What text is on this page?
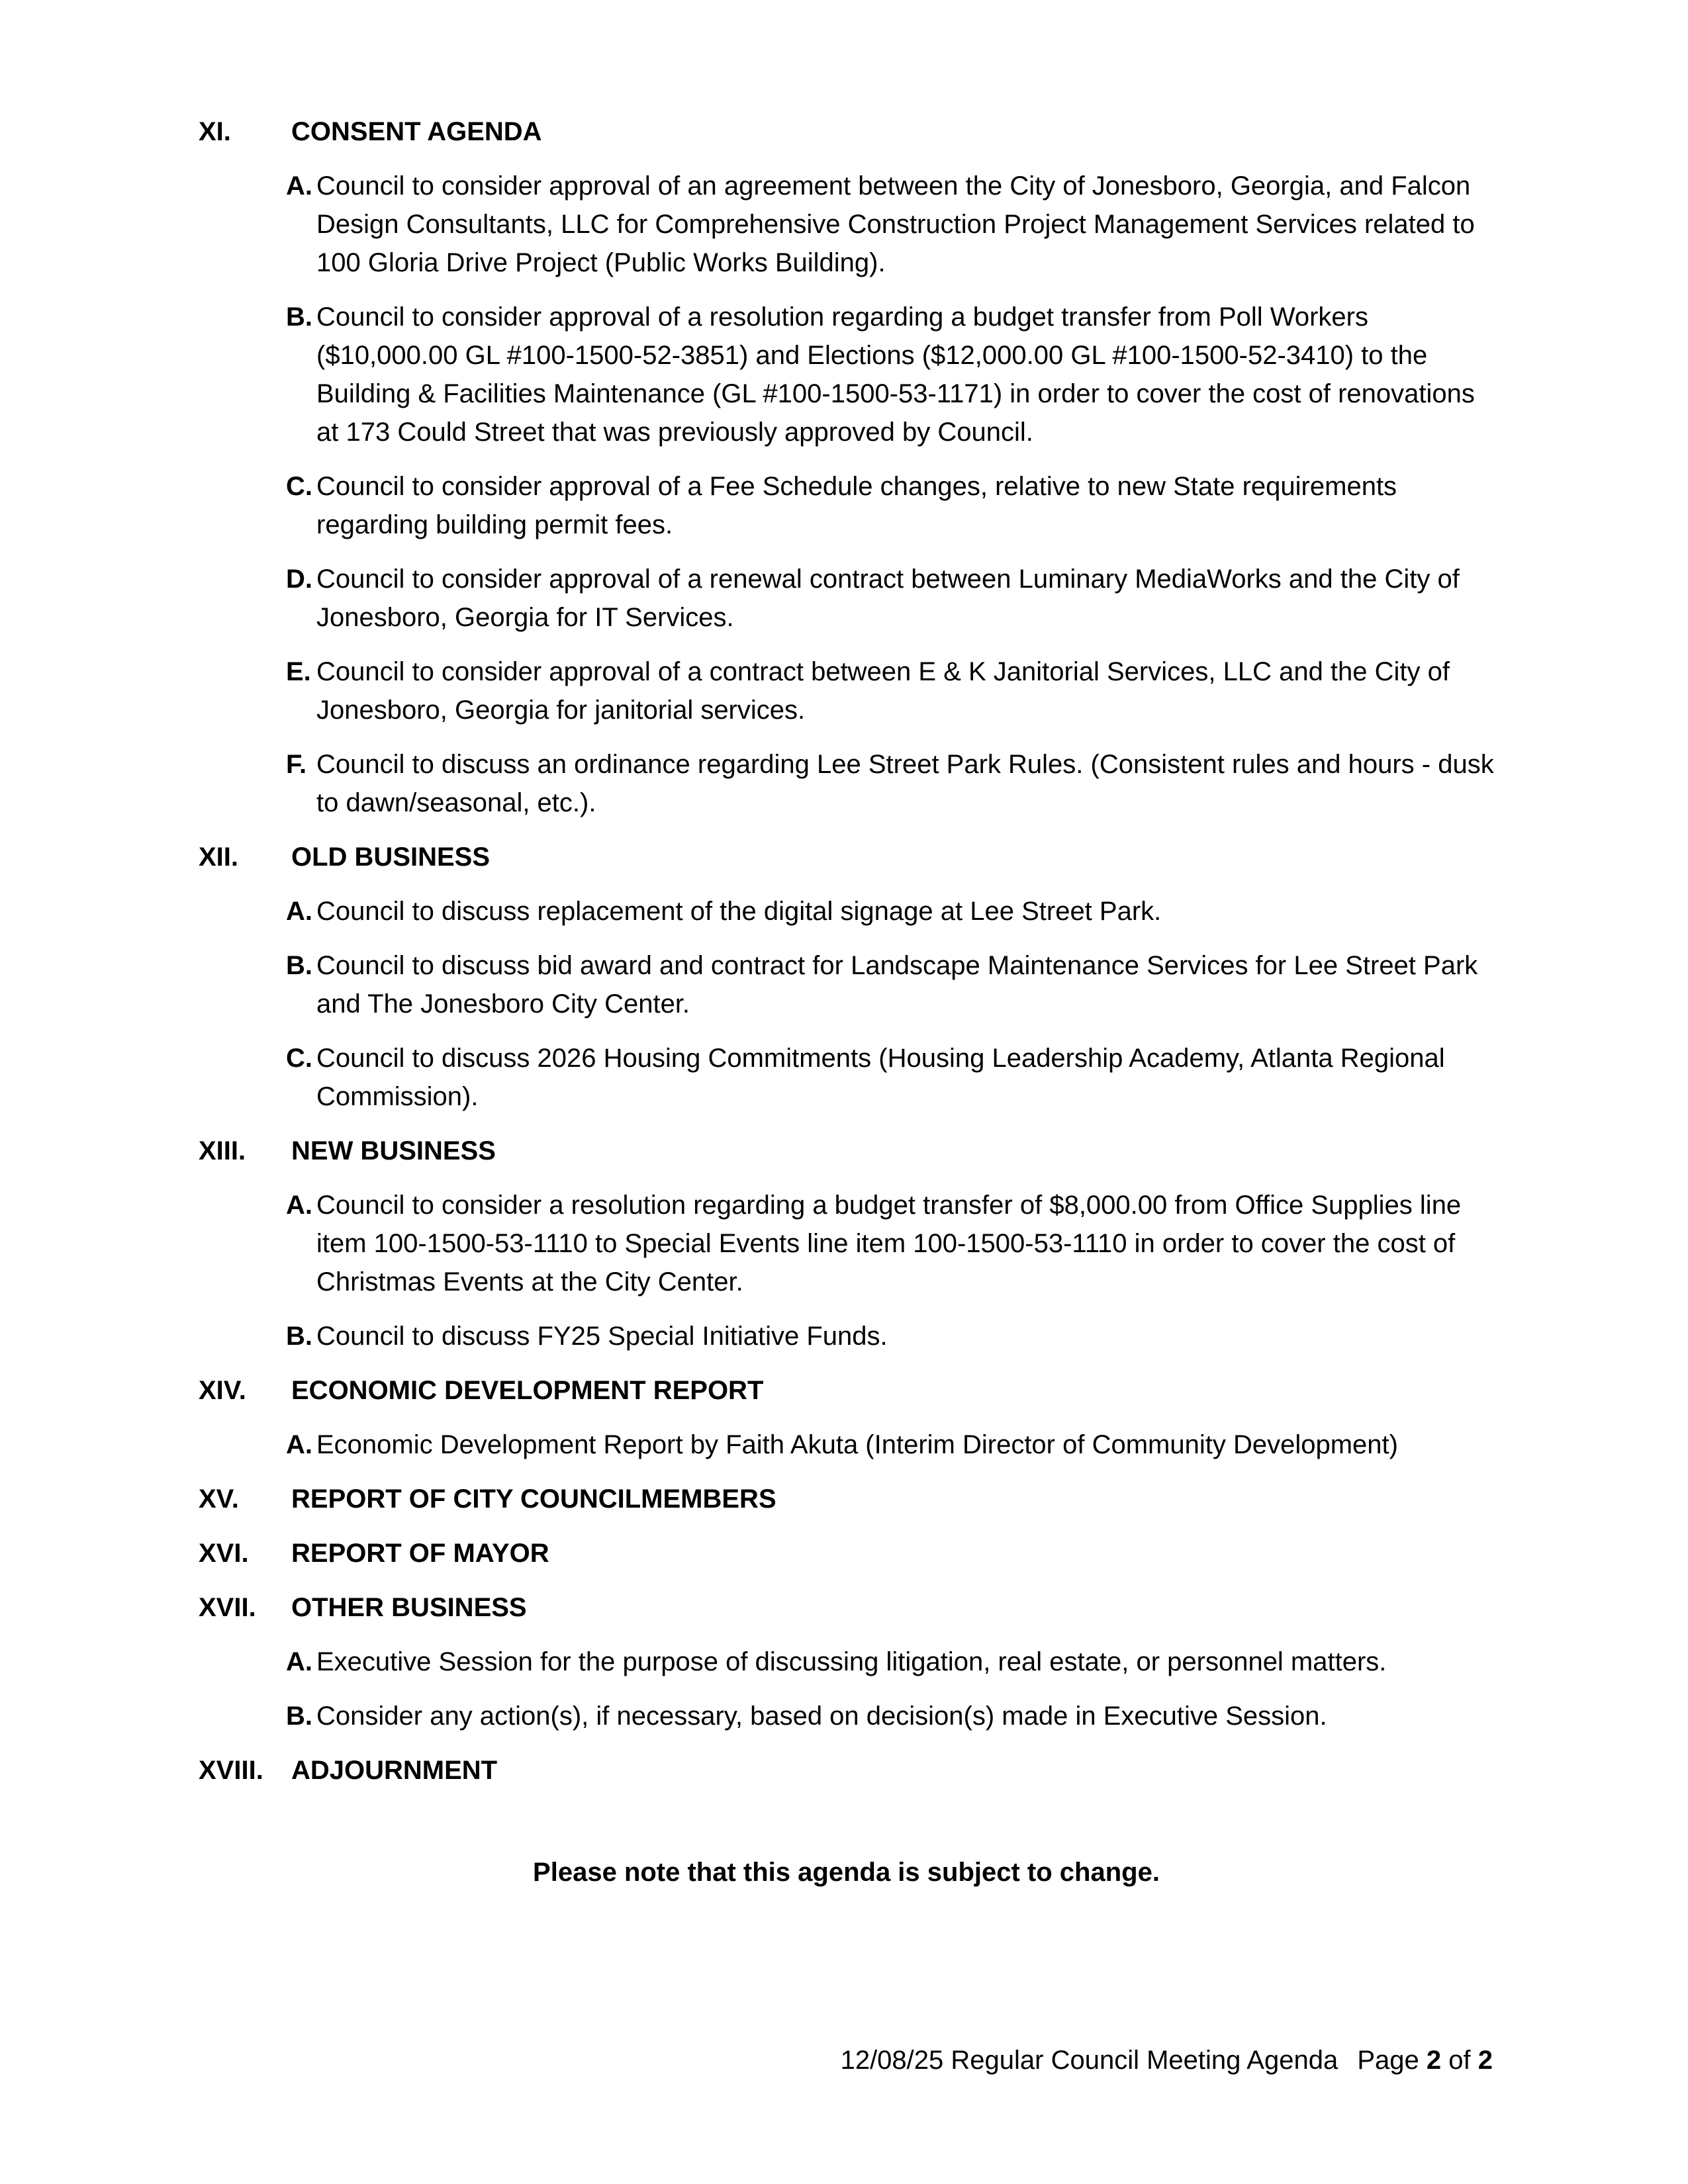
XI. CONSENT AGENDA
A. Council to consider approval of an agreement between the City of Jonesboro, Georgia, and Falcon Design Consultants, LLC for Comprehensive Construction Project Management Services related to 100 Gloria Drive Project (Public Works Building).
B. Council to consider approval of a resolution regarding a budget transfer from Poll Workers ($10,000.00 GL #100-1500-52-3851) and Elections ($12,000.00 GL #100-1500-52-3410) to the Building & Facilities Maintenance (GL #100-1500-53-1171) in order to cover the cost of renovations at 173 Could Street that was previously approved by Council.
C. Council to consider approval of a Fee Schedule changes, relative to new State requirements regarding building permit fees.
D. Council to consider approval of a renewal contract between Luminary MediaWorks and the City of Jonesboro, Georgia for IT Services.
E. Council to consider approval of a contract between E & K Janitorial Services, LLC and the City of Jonesboro, Georgia for janitorial services.
F. Council to discuss an ordinance regarding Lee Street Park Rules. (Consistent rules and hours - dusk to dawn/seasonal, etc.).
XII. OLD BUSINESS
A. Council to discuss replacement of the digital signage at Lee Street Park.
B. Council to discuss bid award and contract for Landscape Maintenance Services for Lee Street Park and The Jonesboro City Center.
C. Council to discuss 2026 Housing Commitments (Housing Leadership Academy, Atlanta Regional Commission).
XIII. NEW BUSINESS
A. Council to consider a resolution regarding a budget transfer of $8,000.00 from Office Supplies line item 100-1500-53-1110 to Special Events line item 100-1500-53-1110 in order to cover the cost of Christmas Events at the City Center.
B. Council to discuss FY25 Special Initiative Funds.
XIV. ECONOMIC DEVELOPMENT REPORT
A. Economic Development Report by Faith Akuta (Interim Director of Community Development)
XV. REPORT OF CITY COUNCILMEMBERS
XVI. REPORT OF MAYOR
XVII. OTHER BUSINESS
A. Executive Session for the purpose of discussing litigation, real estate, or personnel matters.
B. Consider any action(s), if necessary, based on decision(s) made in Executive Session.
XVIII. ADJOURNMENT
Please note that this agenda is subject to change.
12/08/25 Regular Council Meeting Agenda Page 2 of 2
